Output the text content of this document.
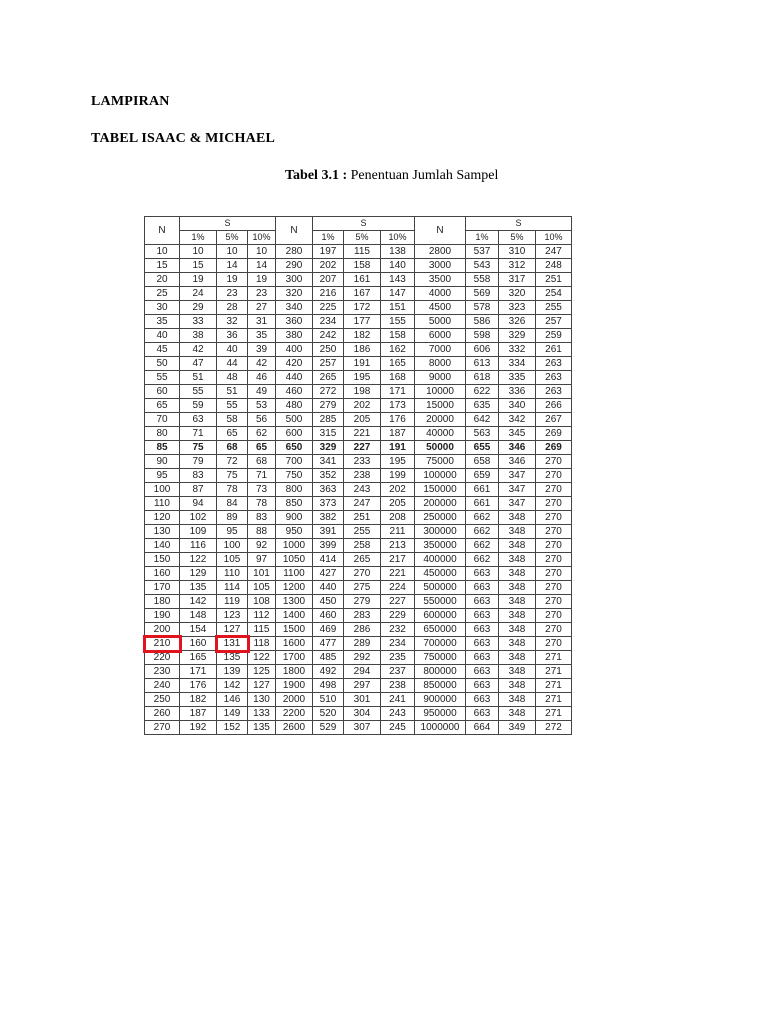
LAMPIRAN
TABEL ISAAC & MICHAEL
Tabel 3.1 : Penentuan Jumlah Sampel
N	S			N	S			N	S		
	1%	5%	10%		1%	5%	10%		1%	5%	10%
10	10	10	10	280	197	115	138	2800	537	310	247
15	15	14	14	290	202	158	140	3000	543	312	248
20	19	19	19	300	207	161	143	3500	558	317	251
25	24	23	23	320	216	167	147	4000	569	320	254
30	29	28	27	340	225	172	151	4500	578	323	255
35	33	32	31	360	234	177	155	5000	586	326	257
40	38	36	35	380	242	182	158	6000	598	329	259
45	42	40	39	400	250	186	162	7000	606	332	261
50	47	44	42	420	257	191	165	8000	613	334	263
55	51	48	46	440	265	195	168	9000	618	335	263
60	55	51	49	460	272	198	171	10000	622	336	263
65	59	55	53	480	279	202	173	15000	635	340	266
70	63	58	56	500	285	205	176	20000	642	342	267
80	71	65	62	600	315	221	187	40000	563	345	269
85	75	68	65	650	329	227	191	50000	655	346	269
90	79	72	68	700	341	233	195	75000	658	346	270
95	83	75	71	750	352	238	199	100000	659	347	270
100	87	78	73	800	363	243	202	150000	661	347	270
110	94	84	78	850	373	247	205	200000	661	347	270
120	102	89	83	900	382	251	208	250000	662	348	270
130	109	95	88	950	391	255	211	300000	662	348	270
140	116	100	92	1000	399	258	213	350000	662	348	270
150	122	105	97	1050	414	265	217	400000	662	348	270
160	129	110	101	1100	427	270	221	450000	663	348	270
170	135	114	105	1200	440	275	224	500000	663	348	270
180	142	119	108	1300	450	279	227	550000	663	348	270
190	148	123	112	1400	460	283	229	600000	663	348	270
200	154	127	115	1500	469	286	232	650000	663	348	270
210	160	131	118	1600	477	289	234	700000	663	348	270
220	165	135	122	1700	485	292	235	750000	663	348	271
230	171	139	125	1800	492	294	237	800000	663	348	271
240	176	142	127	1900	498	297	238	850000	663	348	271
250	182	146	130	2000	510	301	241	900000	663	348	271
260	187	149	133	2200	520	304	243	950000	663	348	271
270	192	152	135	2600	529	307	245	1000000	664	349	272
